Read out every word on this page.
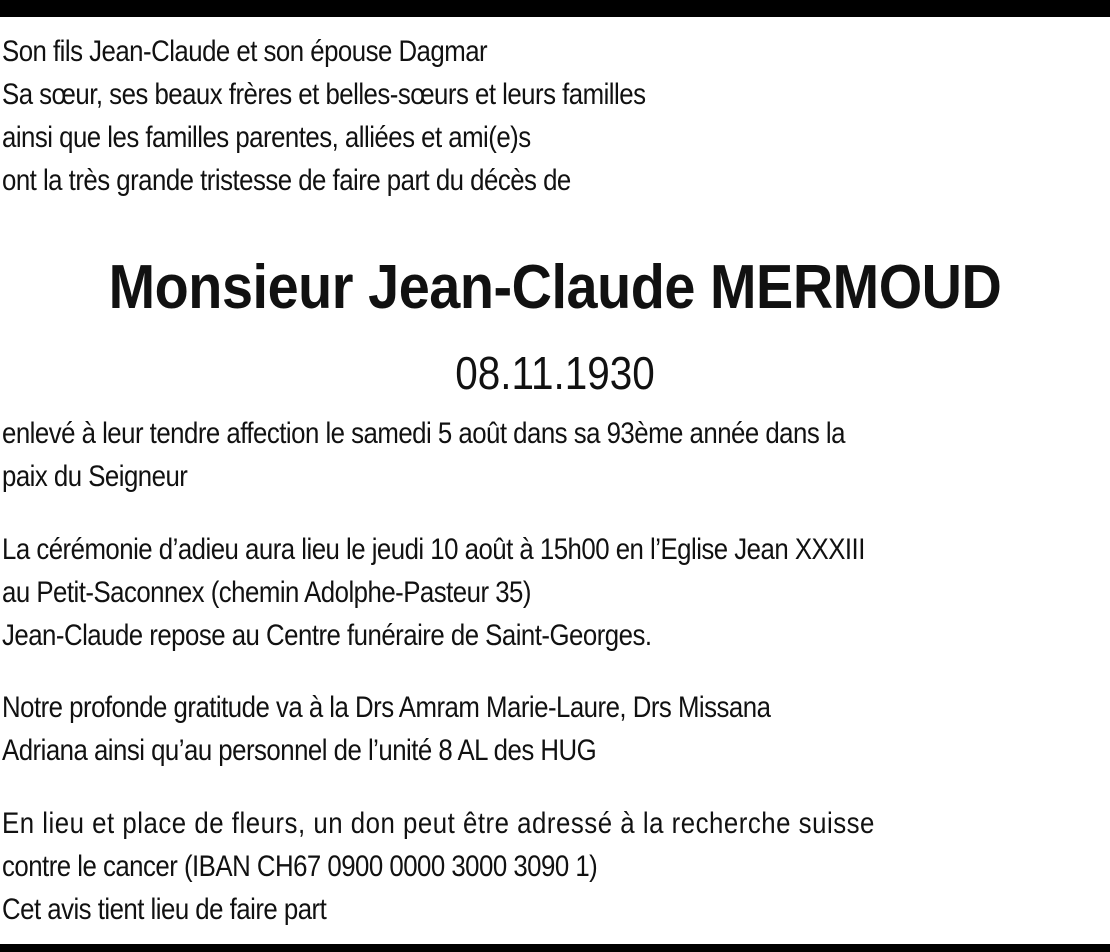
Son fils Jean-Claude et son épouse Dagmar
Sa sœur, ses beaux frères et belles-sœurs et leurs familles
ainsi que les familles parentes, alliées et ami(e)s
ont la très grande tristesse de faire part du décès de
Monsieur Jean-Claude MERMOUD
08.11.1930
enlevé à leur tendre affection le samedi 5 août dans sa 93ème année dans la
paix du Seigneur
La cérémonie d’adieu aura lieu le jeudi 10 août à 15h00 en l’Eglise Jean XXXIII
au Petit-Saconnex (chemin Adolphe-Pasteur 35)
Jean-Claude repose au Centre funéraire de Saint-Georges.
Notre profonde gratitude va à la Drs Amram Marie-Laure, Drs Missana
Adriana ainsi qu’au personnel de l’unité 8 AL des HUG
En lieu et place de fleurs, un don peut être adressé à la recherche suisse
contre le cancer (IBAN CH67 0900 0000 3000 3090 1)
Cet avis tient lieu de faire part
